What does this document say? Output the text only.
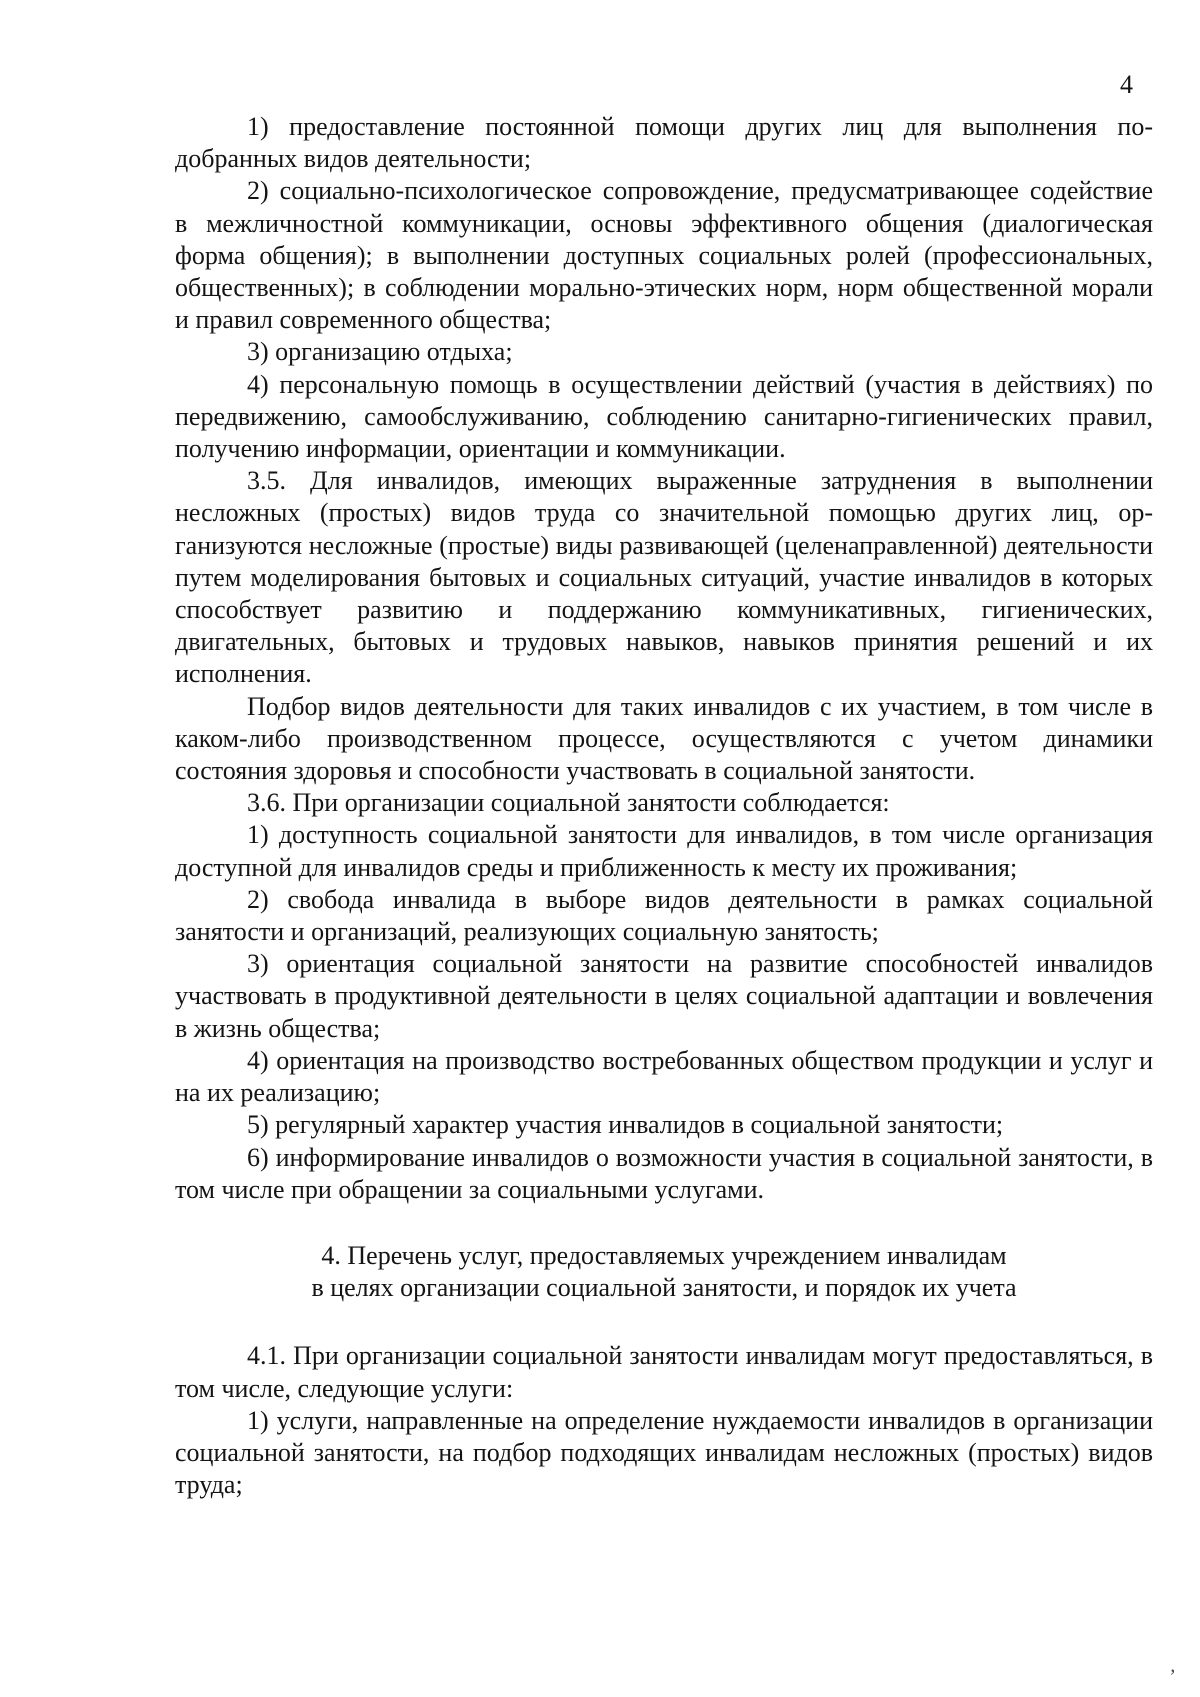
4

1) предоставление постоянной помощи других лиц для выполнения подобранных видов деятельности;

2) социально-психологическое сопровождение, предусматривающее содействие в межличностной коммуникации, основы эффективного общения (диалогическая форма общения); в выполнении доступных социальных ролей (профессиональных, общественных); в соблюдении морально-этических норм, норм общественной морали и правил современного общества;

3) организацию отдыха;

4) персональную помощь в осуществлении действий (участия в действиях) по передвижению, самообслуживанию, соблюдению санитарно-гигиенических правил, получению информации, ориентации и коммуникации.

3.5. Для инвалидов, имеющих выраженные затруднения в выполнении несложных (простых) видов труда со значительной помощью других лиц, организуются несложные (простые) виды развивающей (целенаправленной) деятельности путем моделирования бытовых и социальных ситуаций, участие инвалидов в которых способствует развитию и поддержанию коммуникативных, гигиенических, двигательных, бытовых и трудовых навыков, навыков принятия решений и их исполнения.

Подбор видов деятельности для таких инвалидов с их участием, в том числе в каком-либо производственном процессе, осуществляются с учетом динамики состояния здоровья и способности участвовать в социальной занятости.

3.6. При организации социальной занятости соблюдается:

1) доступность социальной занятости для инвалидов, в том числе организация доступной для инвалидов среды и приближенность к месту их проживания;

2) свобода инвалида в выборе видов деятельности в рамках социальной занятости и организаций, реализующих социальную занятость;

3) ориентация социальной занятости на развитие способностей инвалидов участвовать в продуктивной деятельности в целях социальной адаптации и вовлечения в жизнь общества;

4) ориентация на производство востребованных обществом продукции и услуг и на их реализацию;

5) регулярный характер участия инвалидов в социальной занятости;

6) информирование инвалидов о возможности участия в социальной занятости, в том числе при обращении за социальными услугами.

4. Перечень услуг, предоставляемых учреждением инвалидам
в целях организации социальной занятости, и порядок их учета

4.1. При организации социальной занятости инвалидам могут предоставляться, в том числе, следующие услуги:

1) услуги, направленные на определение нуждаемости инвалидов в организации социальной занятости, на подбор подходящих инвалидам несложных (простых) видов труда;

ʼ
